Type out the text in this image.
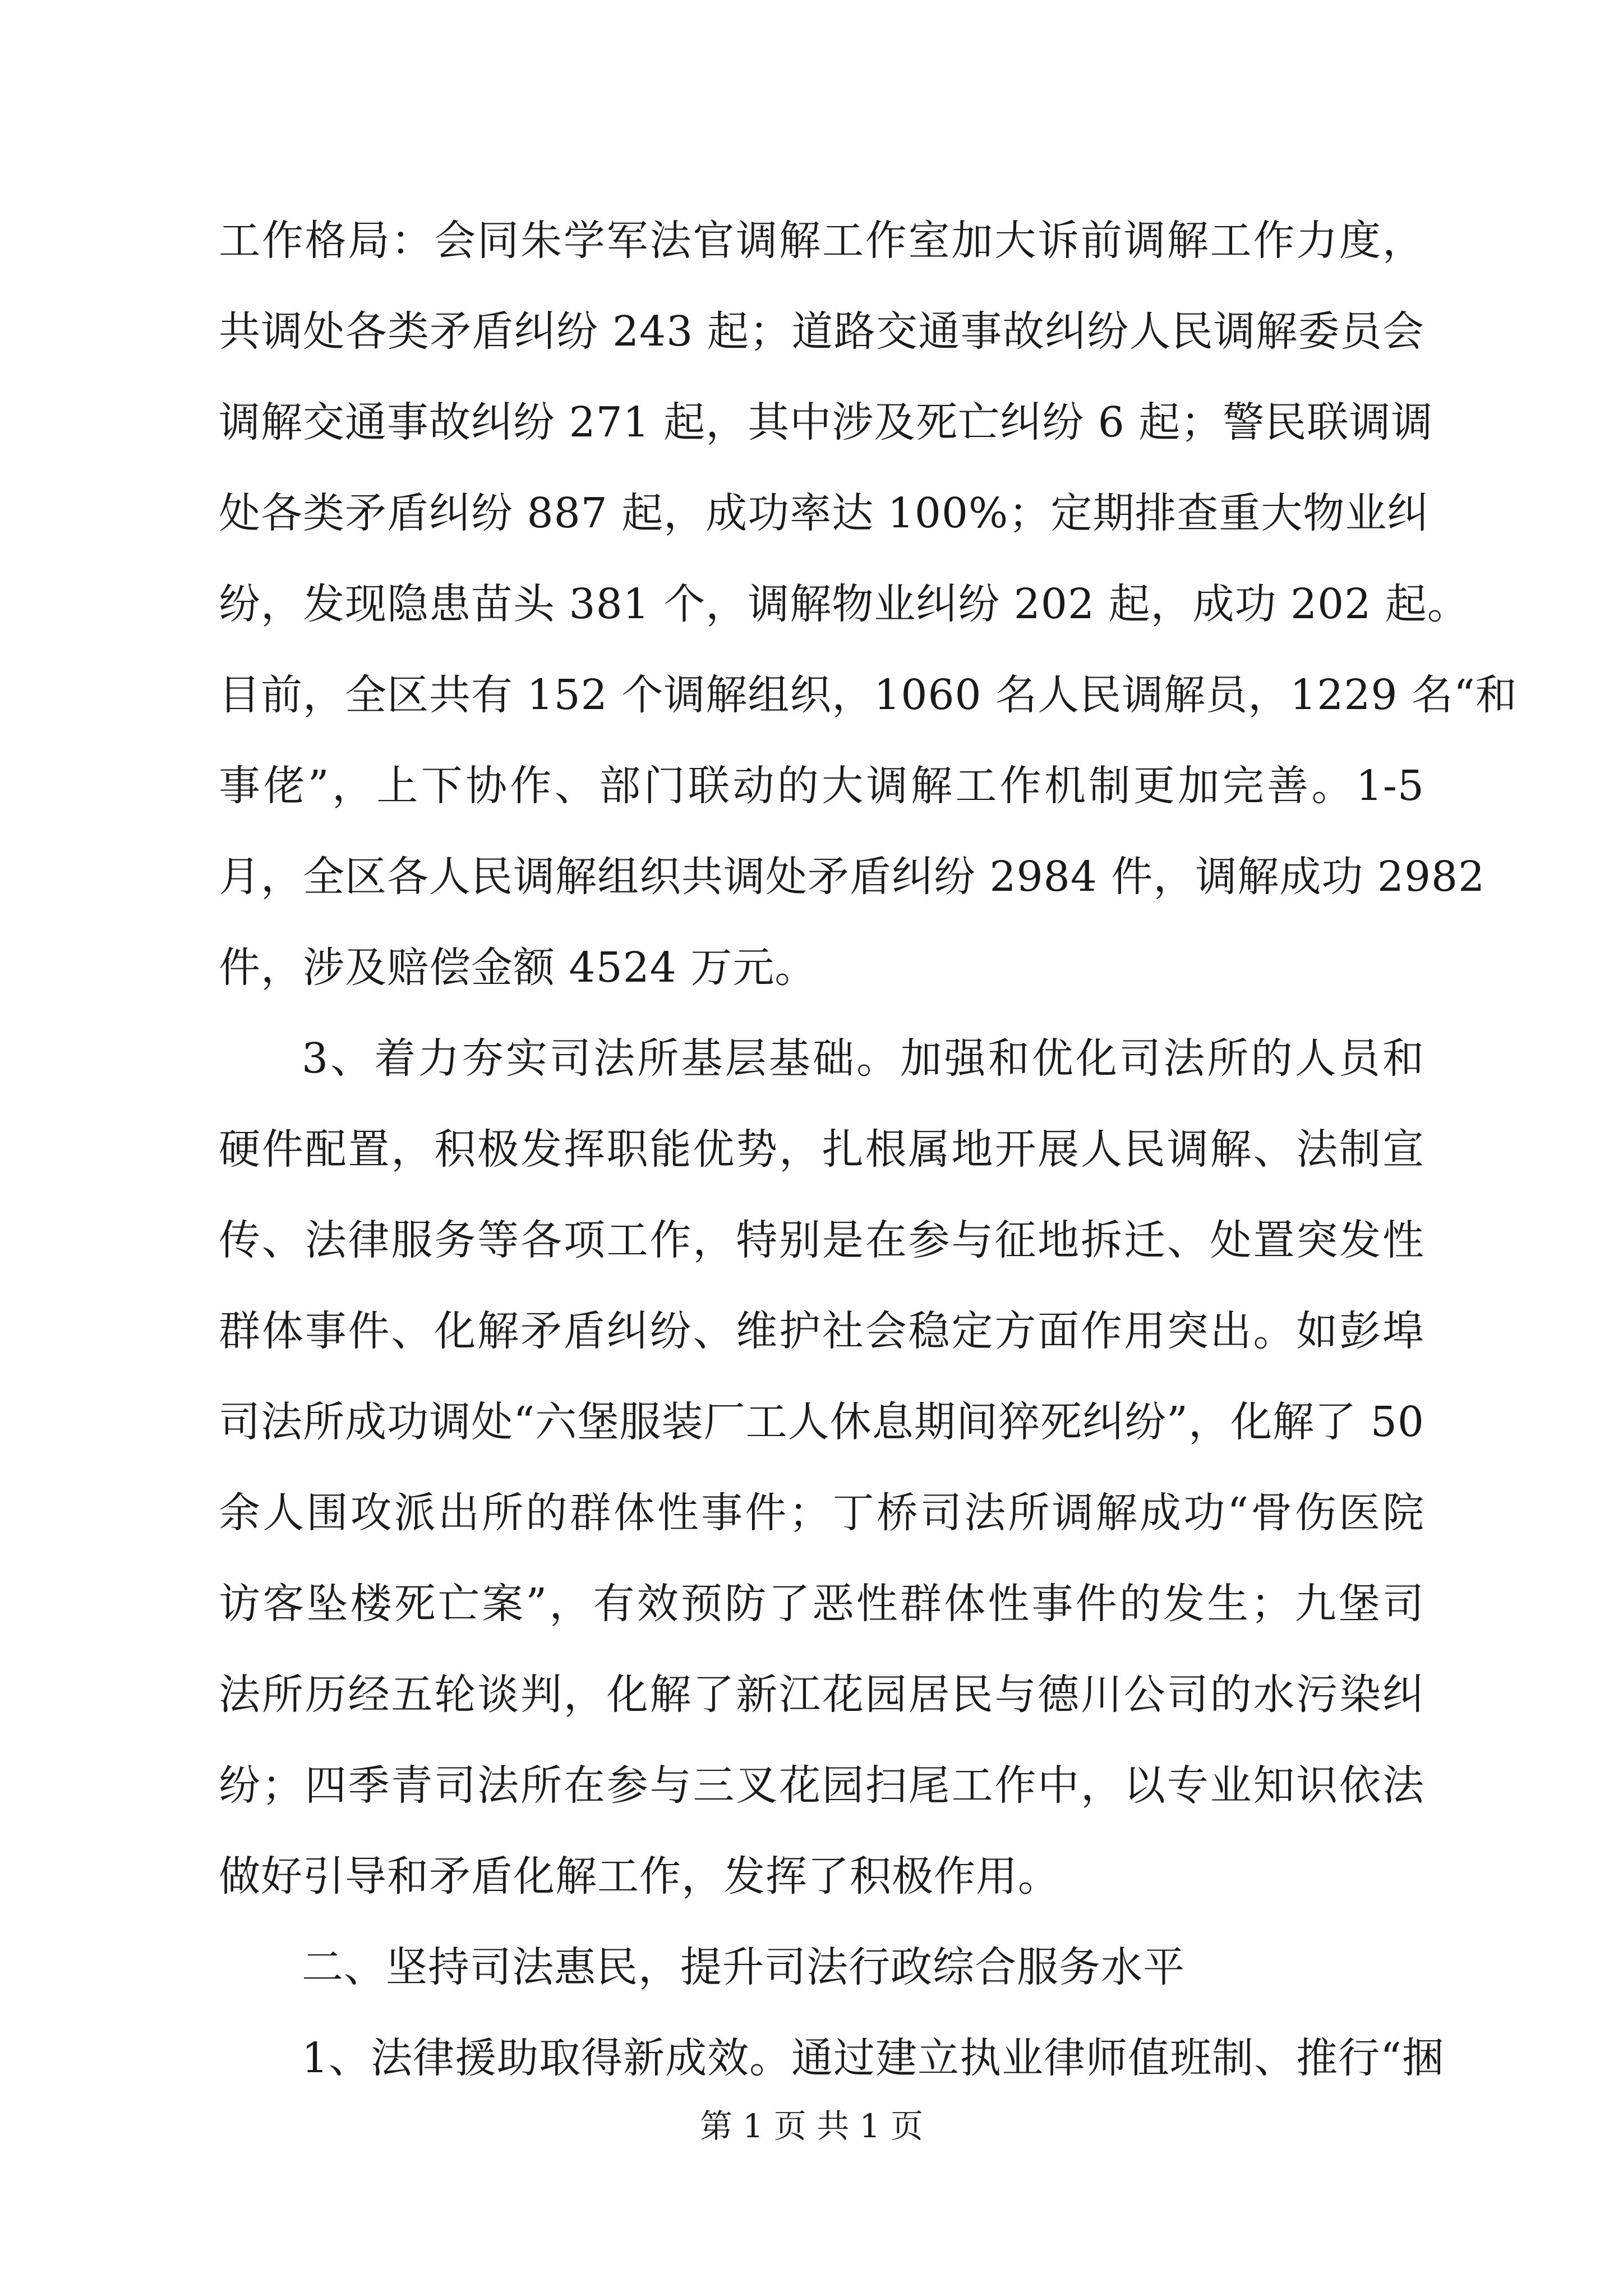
工作格局：会同朱学军法官调解工作室加大诉前调解工作力度，
共调处各类矛盾纠纷 243 起；道路交通事故纠纷人民调解委员会
调解交通事故纠纷 271 起，其中涉及死亡纠纷 6 起；警民联调调
处各类矛盾纠纷 887 起，成功率达 100%；定期排查重大物业纠
纷，发现隐患苗头 381 个，调解物业纠纷 202 起，成功 202 起。
目前，全区共有 152 个调解组织，1060 名人民调解员，1229 名“和
事佬”，上下协作、部门联动的大调解工作机制更加完善。1-5
月，全区各人民调解组织共调处矛盾纠纷 2984 件，调解成功 2982
件，涉及赔偿金额 4524 万元。

3、着力夯实司法所基层基础。加强和优化司法所的人员和
硬件配置，积极发挥职能优势，扎根属地开展人民调解、法制宣
传、法律服务等各项工作，特别是在参与征地拆迁、处置突发性
群体事件、化解矛盾纠纷、维护社会稳定方面作用突出。如彭埠
司法所成功调处“六堡服装厂工人休息期间猝死纠纷”，化解了 50
余人围攻派出所的群体性事件；丁桥司法所调解成功“骨伤医院
访客坠楼死亡案”，有效预防了恶性群体性事件的发生；九堡司
法所历经五轮谈判，化解了新江花园居民与德川公司的水污染纠
纷；四季青司法所在参与三叉花园扫尾工作中，以专业知识依法
做好引导和矛盾化解工作，发挥了积极作用。

二、坚持司法惠民，提升司法行政综合服务水平

1、法律援助取得新成效。通过建立执业律师值班制、推行“捆

第 1 页 共 1 页
